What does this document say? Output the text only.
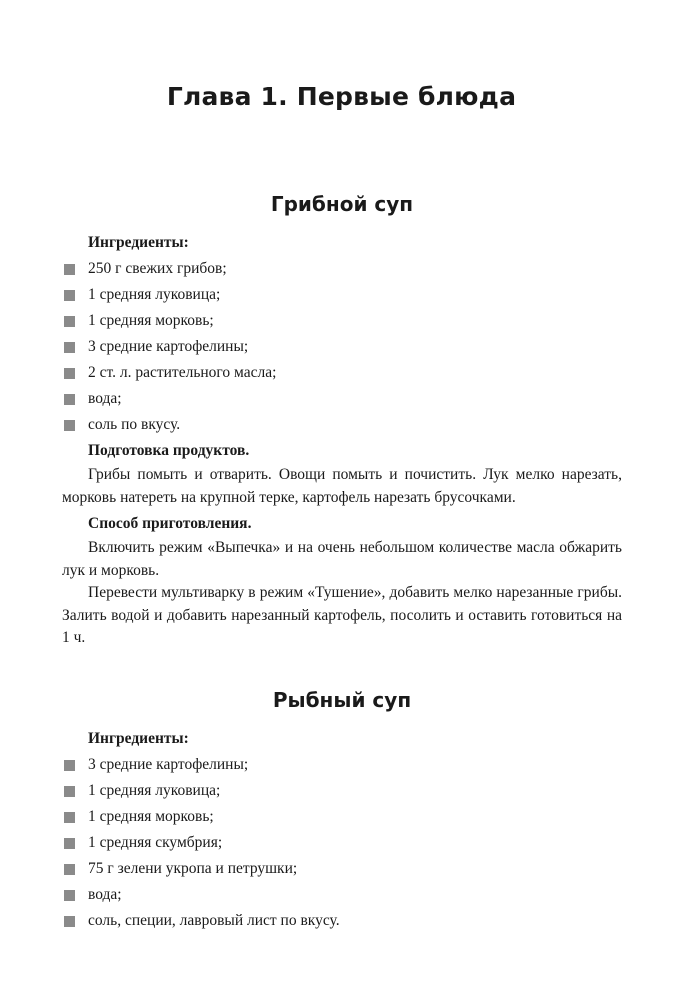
Глава 1. Первые блюда
Грибной суп
Ингредиенты:
250 г свежих грибов;
1 средняя луковица;
1 средняя морковь;
3 средние картофелины;
2 ст. л. растительного масла;
вода;
соль по вкусу.
Подготовка продуктов.

Грибы помыть и отварить. Овощи помыть и почистить. Лук мелко нарезать, морковь натереть на крупной терке, картофель нарезать брусочками.

Способ приготовления.

Включить режим «Выпечка» и на очень небольшом количестве масла обжарить лук и морковь.

Перевести мультиварку в режим «Тушение», добавить мелко нарезанные грибы. Залить водой и добавить нарезанный картофель, посолить и оставить готовиться на 1 ч.

Рыбный суп
Ингредиенты:
3 средние картофелины;
1 средняя луковица;
1 средняя морковь;
1 средняя скумбрия;
75 г зелени укропа и петрушки;
вода;
соль, специи, лавровый лист по вкусу.
